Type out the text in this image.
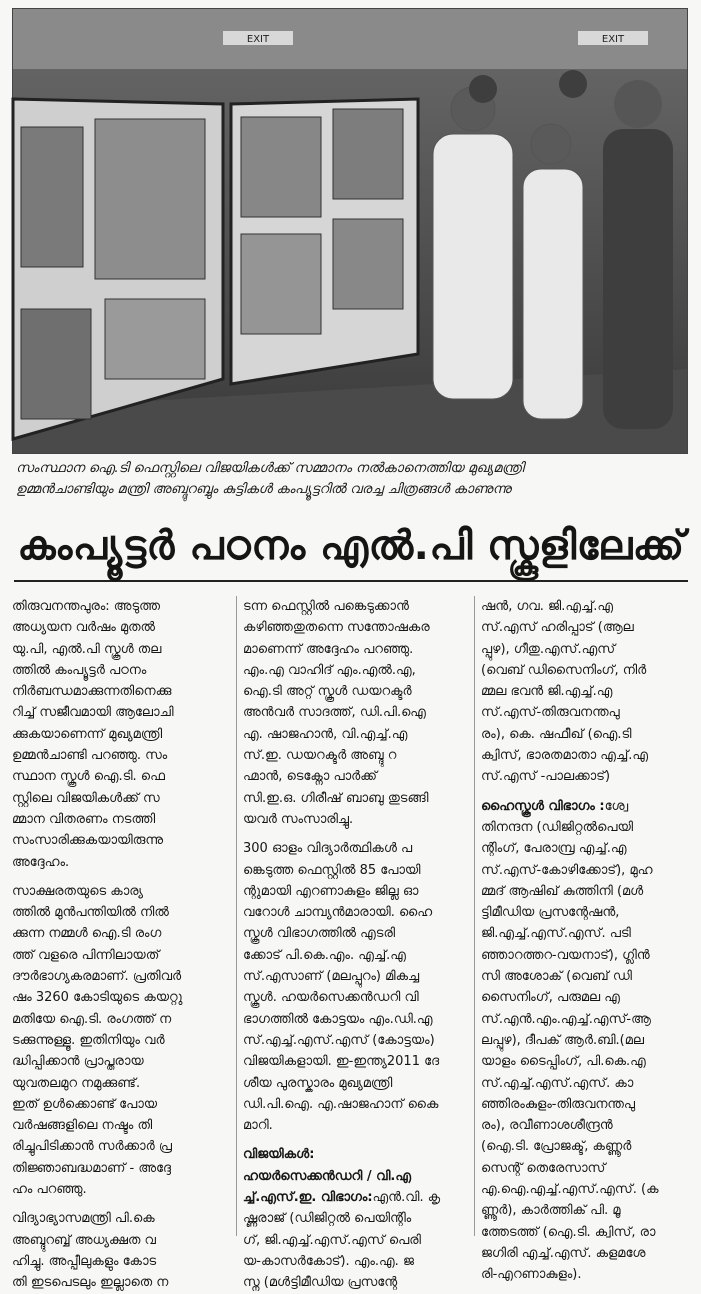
EXIT	EXIT
സംസ്ഥാന ഐ.ടി ഫെസ്റ്റിലെ വിജയികൾക്ക് സമ്മാനം നൽകാനെത്തിയ മുഖ്യമന്ത്രി
ഉമ്മൻചാണ്ടിയും മന്ത്രി അബ്ദുറബ്ബും കുട്ടികൾ കംപ്യൂട്ടറിൽ വരച്ച ചിത്രങ്ങൾ കാണുന്നു
കംപ്യൂട്ടർ പഠനം എൽ.പി സ്കൂളിലേക്ക്

തിരുവനന്തപുരം: അടുത്ത
അധ്യയന വർഷം മുതൽ
യു.പി, എൽ.പി സ്കൂൾ തല
ത്തിൽ കംപ്യൂട്ടർ പഠനം
നിർബന്ധമാക്കുന്നതിനെക്കു
റിച്ച് സജീവമായി ആലോചി
ക്കുകയാണെന്ന് മുഖ്യമന്ത്രി
ഉമ്മൻചാണ്ടി പറഞ്ഞു. സം
സ്ഥാന സ്കൂൾ ഐ.ടി. ഫെ
സ്റ്റിലെ വിജയികൾക്ക് സ
മ്മാന വിതരണം നടത്തി
സംസാരിക്കുകയായിരുന്നു
അദ്ദേഹം.

സാക്ഷരതയുടെ കാര്യ
ത്തിൽ മുൻപന്തിയിൽ നിൽ
ക്കുന്ന നമ്മൾ ഐ.ടി രംഗ
ത്ത് വളരെ പിന്നിലായത്
ദൗർഭാഗ്യകരമാണ്. പ്രതിവർ
ഷം 3260 കോടിയുടെ കയറ്റു
മതിയേ ഐ.ടി. രംഗത്ത് ന
ടക്കുന്നുള്ളൂ. ഇതിനിയും വർ
ദ്ധിപ്പിക്കാൻ പ്രാപ്തരായ
യുവതലമുറ നമുക്കുണ്ട്.
ഇത് ഉൾക്കൊണ്ട് പോയ
വർഷങ്ങളിലെ നഷ്ടം തി
രിച്ചുപിടിക്കാൻ സർക്കാർ പ്ര
തിജ്ഞാബദ്ധമാണ് - അദ്ദേ
ഹം പറഞ്ഞു.

വിദ്യാഭ്യാസമന്ത്രി പി.കെ
അബ്ദുറബ്ബ് അധ്യക്ഷത വ
ഹിച്ചു. അപ്പീലുകളും കോട
തി ഇടപെടലും ഇല്ലാതെ ന

ടന്ന ഫെസ്റ്റിൽ പങ്കെടുക്കാൻ
കഴിഞ്ഞതുതന്നെ സന്തോഷകര
മാണെന്ന് അദ്ദേഹം പറഞ്ഞു.
എം.എ വാഹിദ് എം.എൽ.എ,
ഐ.ടി അറ്റ് സ്കൂൾ ഡയറക്ടർ
അൻവർ സാദത്ത്, ഡി.പി.ഐ
എ. ഷാജഹാൻ, വി.എച്ച്.എ
സ്.ഇ. ഡയറക്ടർ അബ്ദു റ
ഹ്മാൻ, ടെക്നോ പാർക്ക്
സി.ഇ.ഒ. ഗിരീഷ് ബാബു തുടങ്ങി
യവർ സംസാരിച്ചു.

300 ഓളം വിദ്യാർത്ഥികൾ പ
ങ്കെടുത്ത ഫെസ്റ്റിൽ 85 പോയി
ന്റുമായി എറണാകുളം ജില്ല ഓ
വറോൾ ചാമ്പ്യൻമാരായി. ഹൈ
സ്കൂൾ വിഭാഗത്തിൽ എടരി
ക്കോട് പി.കെ.എം. എച്ച്.എ
സ്.എസാണ് (മലപ്പുറം) മികച്ച
സ്കൂൾ. ഹയർസെക്കൻഡറി വി
ഭാഗത്തിൽ കോട്ടയം എം.ഡി.എ
സ്.എച്ച്.എസ്.എസ് (കോട്ടയം)
വിജയികളായി. ഇ-ഇന്ത്യ2011 ദേ
ശീയ പുരസ്കാരം മുഖ്യമന്ത്രി
ഡി.പി.ഐ. എ.ഷാജഹാന് കൈ
മാറി.

വിജയികൾ:
ഹയർസെക്കൻഡറി / വി.എ
ച്ച്.എസ്.ഇ. വിഭാഗം:എൻ.വി. കൃ

ഷ്ണരാജ് (ഡിജിറ്റൽ പെയിന്റിം
ഗ്, ജി.എച്ച്.എസ്.എസ് പെരി
യ-കാസർകോട്). എം.എ. ജ
സ്ന (മൾട്ടിമീഡിയ പ്രസന്റേ

ഷൻ, ഗവ. ജി.എച്ച്.എ
സ്.എസ് ഹരിപ്പാട് (ആല
പ്പുഴ), ഗീതു.എസ്.എസ്
(വെബ് ഡിസൈനിംഗ്, നിർ
മ്മല ഭവൻ ജി.എച്ച്.എ
സ്.എസ്-തിരുവനന്തപു
രം), കെ. ഷഫീഖ് (ഐ.ടി
ക്വിസ്, ഭാരതമാതാ എച്ച്.എ
സ്.എസ് -പാലക്കാട്)

ഹൈസ്കൂൾ വിഭാഗം :ശ്വേ

തിനന്ദന (ഡിജിറ്റൽപെയി
ന്റിംഗ്, പേരാമ്പ്ര എച്ച്.എ
സ്.എസ്-കോഴിക്കോട്), മുഹ
മ്മദ് ആഷിഖ് കുത്തിനി (മൾ
ട്ടിമീഡിയ പ്രസന്റേഷൻ,
ജി.എച്ച്.എസ്.എസ്. പടി
ഞ്ഞാറത്തറ-വയനാട്), ഗ്ലിൻ
സി അശോക് (വെബ് ഡി
സൈനിംഗ്, പരുമല എ
സ്.എൻ.എം.എച്ച്.എസ്-ആ
ലപ്പുഴ), ദീപക് ആർ.ബി.(മല
യാളം ടൈപ്പിംഗ്, പി.കെ.എ
സ്.എച്ച്.എസ്.എസ്. കാ
ഞ്ഞിരംകുളം-തിരുവനന്തപു
രം), രവീണാശശീന്ദ്രൻ
(ഐ.ടി. പ്രോജക്ട്, കണ്ണൂർ
സെന്റ് തെരേസാസ്
എ.ഐ.എച്ച്.എസ്.എസ്. (ക
ണ്ണൂർ), കാർത്തിക് പി. മൂ
ത്തേടത്ത് (ഐ.ടി. ക്വിസ്, രാ
ജഗിരി എച്ച്.എസ്. കളമശേ
രി-എറണാകുളം).
